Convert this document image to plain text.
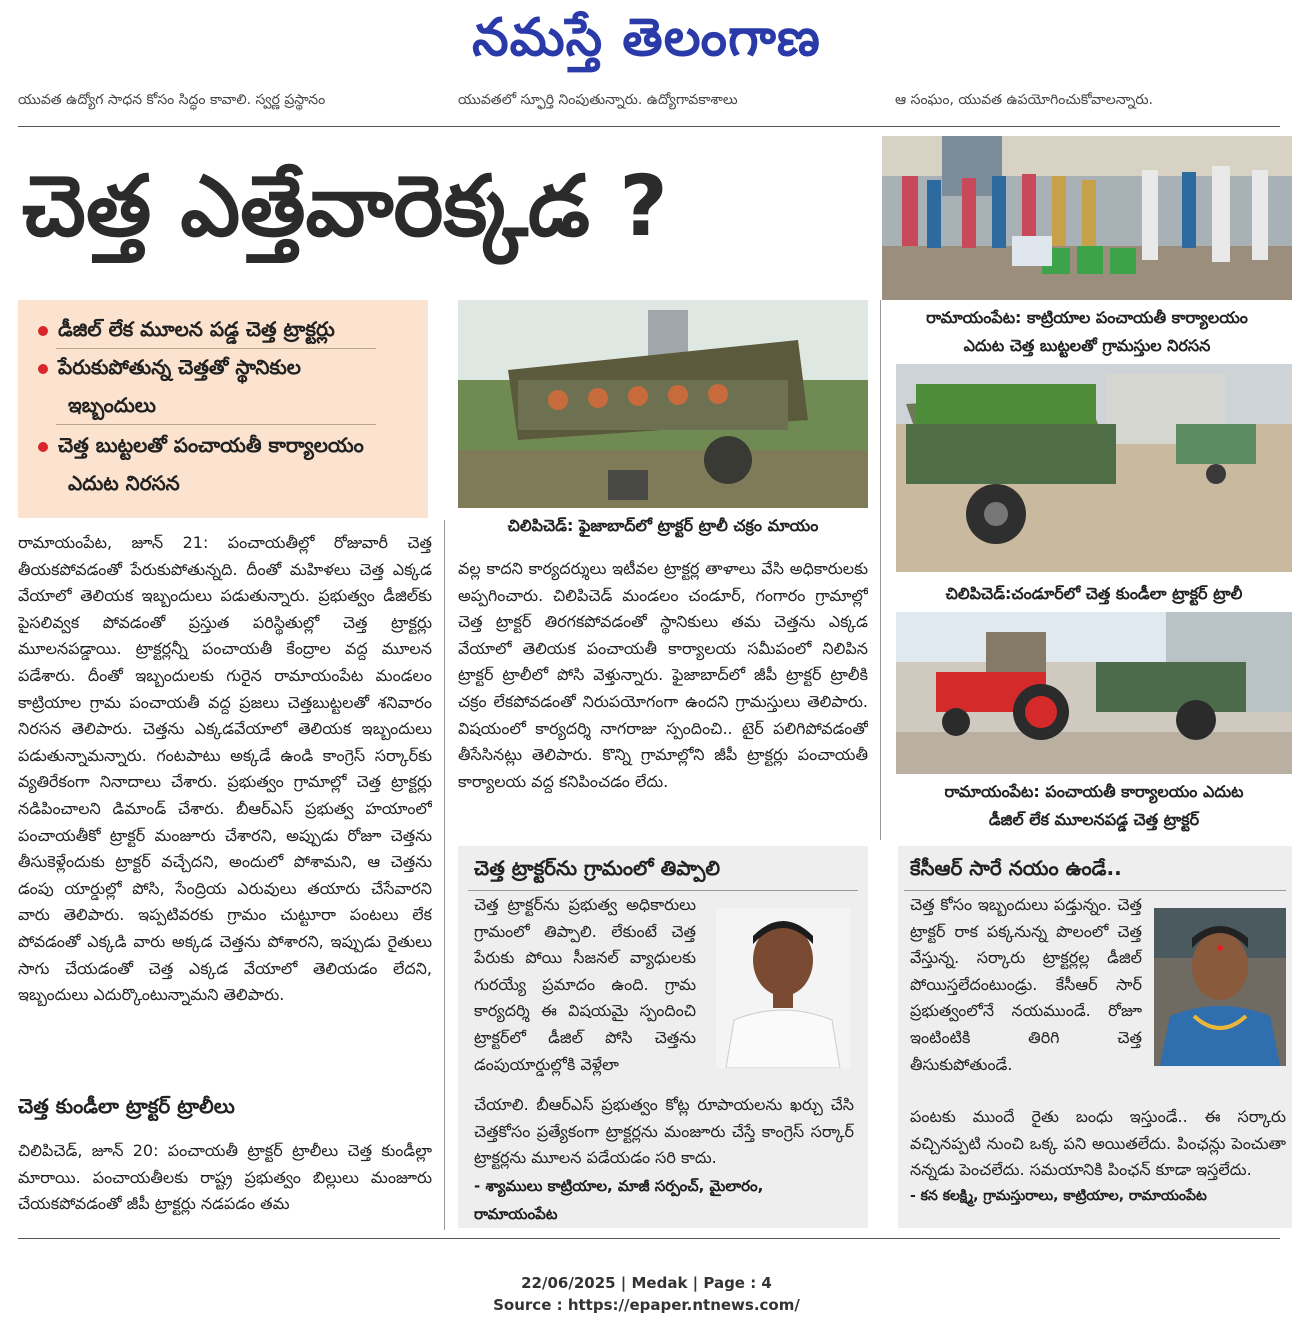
నమస్తే తెలంగాణ
యువత ఉద్యోగ సాధన కోసం సిద్ధం కావాలి. స్వర్ణ ప్రస్థానం	యువతలో స్ఫూర్తి నింపుతున్నారు. ఉద్యోగావకాశాలు	ఆ సంఘం, యువత ఉపయోగించుకోవాలన్నారు.
చెత్త ఎత్తేవారెక్కడ ?
డీజిల్ లేక మూలన పడ్డ చెత్త ట్రాక్టర్లు
పేరుకుపోతున్న చెత్తతో స్థానికుల
ఇబ్బందులు
చెత్త బుట్టలతో పంచాయతీ కార్యాలయం
ఎదుట నిరసన
రామాయంపేట: కాట్రియాల పంచాయతీ కార్యాలయం
ఎదుట చెత్త బుట్టలతో గ్రామస్తుల నిరసన
చిలిపిచెడ్: ఫైజాబాద్‌లో ట్రాక్టర్ ట్రాలీ చక్రం మాయం
చిలిపిచెడ్:చండూర్‌లో చెత్త కుండీలా ట్రాక్టర్ ట్రాలీ
రామాయంపేట: పంచాయతీ కార్యాలయం ఎదుట
డీజిల్ లేక మూలనపడ్డ చెత్త ట్రాక్టర్
రామాయంపేట, జూన్ 21: పంచాయతీల్లో రోజువారీ చెత్త తీయకపోవడంతో పేరుకుపోతున్నది. దీంతో మహిళలు చెత్త ఎక్కడ వేయాలో తెలియక ఇబ్బందులు పడుతున్నారు. ప్రభుత్వం డీజిల్‌కు పైసలివ్వక పోవడంతో ప్రస్తుత పరిస్థితుల్లో చెత్త ట్రాక్టర్లు మూలనపడ్డాయి. ట్రాక్టర్లన్నీ పంచాయతీ కేంద్రాల వద్ద మూలన పడేశారు. దీంతో ఇబ్బందులకు గురైన రామాయంపేట మండలం కాట్రియాల గ్రామ పంచాయతీ వద్ద ప్రజలు చెత్తబుట్టలతో శనివారం నిరసన తెలిపారు. చెత్తను ఎక్కడవేయాలో తెలియక ఇబ్బందులు పడుతున్నామన్నారు. గంటపాటు అక్కడే ఉండి కాంగ్రెస్ సర్కార్‌కు వ్యతిరేకంగా నినాదాలు చేశారు. ప్రభుత్వం గ్రామాల్లో చెత్త ట్రాక్టర్లు నడిపించాలని డిమాండ్ చేశారు. బీఆర్‌ఎస్ ప్రభుత్వ హయాంలో పంచాయతీకో ట్రాక్టర్ మంజూరు చేశారని, అప్పుడు రోజూ చెత్తను తీసుకెళ్లేందుకు ట్రాక్టర్ వచ్చేదని, అందులో పోశామని, ఆ చెత్తను డంపు యార్డుల్లో పోసి, సేంద్రియ ఎరువులు తయారు చేసేవారని వారు తెలిపారు. ఇప్పటివరకు గ్రామం చుట్టూరా పంటలు లేక పోవడంతో ఎక్కడి వారు అక్కడ చెత్తను పోశారని, ఇప్పుడు రైతులు సాగు చేయడంతో చెత్త ఎక్కడ వేయాలో తెలియడం లేదని, ఇబ్బందులు ఎదుర్కొంటున్నామని తెలిపారు.
చెత్త కుండీలా ట్రాక్టర్ ట్రాలీలు
చిలిపిచెడ్, జూన్ 20: పంచాయతీ ట్రాక్టర్ ట్రాలీలు చెత్త కుండీల్లా మారాయి. పంచాయతీలకు రాష్ట్ర ప్రభుత్వం బిల్లులు మంజూరు చేయకపోవడంతో జీపీ ట్రాక్టర్లు నడపడం తమ
వల్ల కాదని కార్యదర్శులు ఇటీవల ట్రాక్టర్ల తాళాలు వేసి అధికారులకు అప్పగించారు. చిలిపిచెడ్ మండలం చండూర్, గంగారం గ్రామాల్లో చెత్త ట్రాక్టర్ తిరగకపోవడంతో స్థానికులు తమ చెత్తను ఎక్కడ వేయాలో తెలియక పంచాయతీ కార్యాలయ సమీపంలో నిలిపిన ట్రాక్టర్ ట్రాలీలో పోసి వెళ్తున్నారు. ఫైజాబాద్‌లో జీపీ ట్రాక్టర్ ట్రాలీకి చక్రం లేకపోవడంతో నిరుపయోగంగా ఉందని గ్రామస్తులు తెలిపారు. విషయంలో కార్యదర్శి నాగరాజు స్పందించి.. టైర్ పలిగిపోవడంతో తీసేసినట్లు తెలిపారు. కొన్ని గ్రామాల్లోని జీపీ ట్రాక్టర్లు పంచాయతీ కార్యాలయ వద్ద కనిపించడం లేదు.
చెత్త ట్రాక్టర్‌ను గ్రామంలో తిప్పాలి
చెత్త ట్రాక్టర్‌ను ప్రభుత్వ అధికారులు గ్రామంలో తిప్పాలి. లేకుంటే చెత్త పేరుకు పోయి సీజనల్ వ్యాధులకు గురయ్యే ప్రమాదం ఉంది. గ్రామ కార్యదర్శి ఈ విషయమై స్పందించి ట్రాక్టర్‌లో డీజిల్ పోసి చెత్తను డంపుయార్డుల్లోకి వెళ్లేలా
చేయాలి. బీఆర్‌ఎస్ ప్రభుత్వం కోట్ల రూపాయలను ఖర్చు చేసి చెత్తకోసం ప్రత్యేకంగా ట్రాక్టర్లను మంజూరు చేస్తే కాంగ్రెస్ సర్కార్ ట్రాక్టర్లను మూలన పడేయడం సరి కాదు.
- శ్యాములు కాట్రియాల, మాజీ సర్పంచ్, మైలారం,
రామాయంపేట
కేసీఆర్ సారే నయం ఉండే..
చెత్త కోసం ఇబ్బందులు పడ్తున్నం. చెత్త ట్రాక్టర్ రాక పక్కనున్న పొలంలో చెత్త వేస్తున్న. సర్కారు ట్రాక్టర్లల్ల డీజిల్ పోయిస్తలేదంటుండ్రు. కేసీఆర్ సార్ ప్రభుత్వంలోనే నయముండే. రోజూ ఇంటింటికి తిరిగి చెత్త తీసుకుపోతుండే.
పంటకు ముందే రైతు బంధు ఇస్తుండే.. ఈ సర్కారు వచ్చినప్పటి నుంచి ఒక్క పని అయితలేదు. పింఛన్లు పెంచుతా నన్నడు పెంచలేదు. సమయానికి పింఛన్ కూడా ఇస్తలేదు.
- కన కలక్ష్మి, గ్రామస్తురాలు, కాట్రియాల, రామాయంపేట
22/06/2025 | Medak | Page : 4
Source : https://epaper.ntnews.com/
